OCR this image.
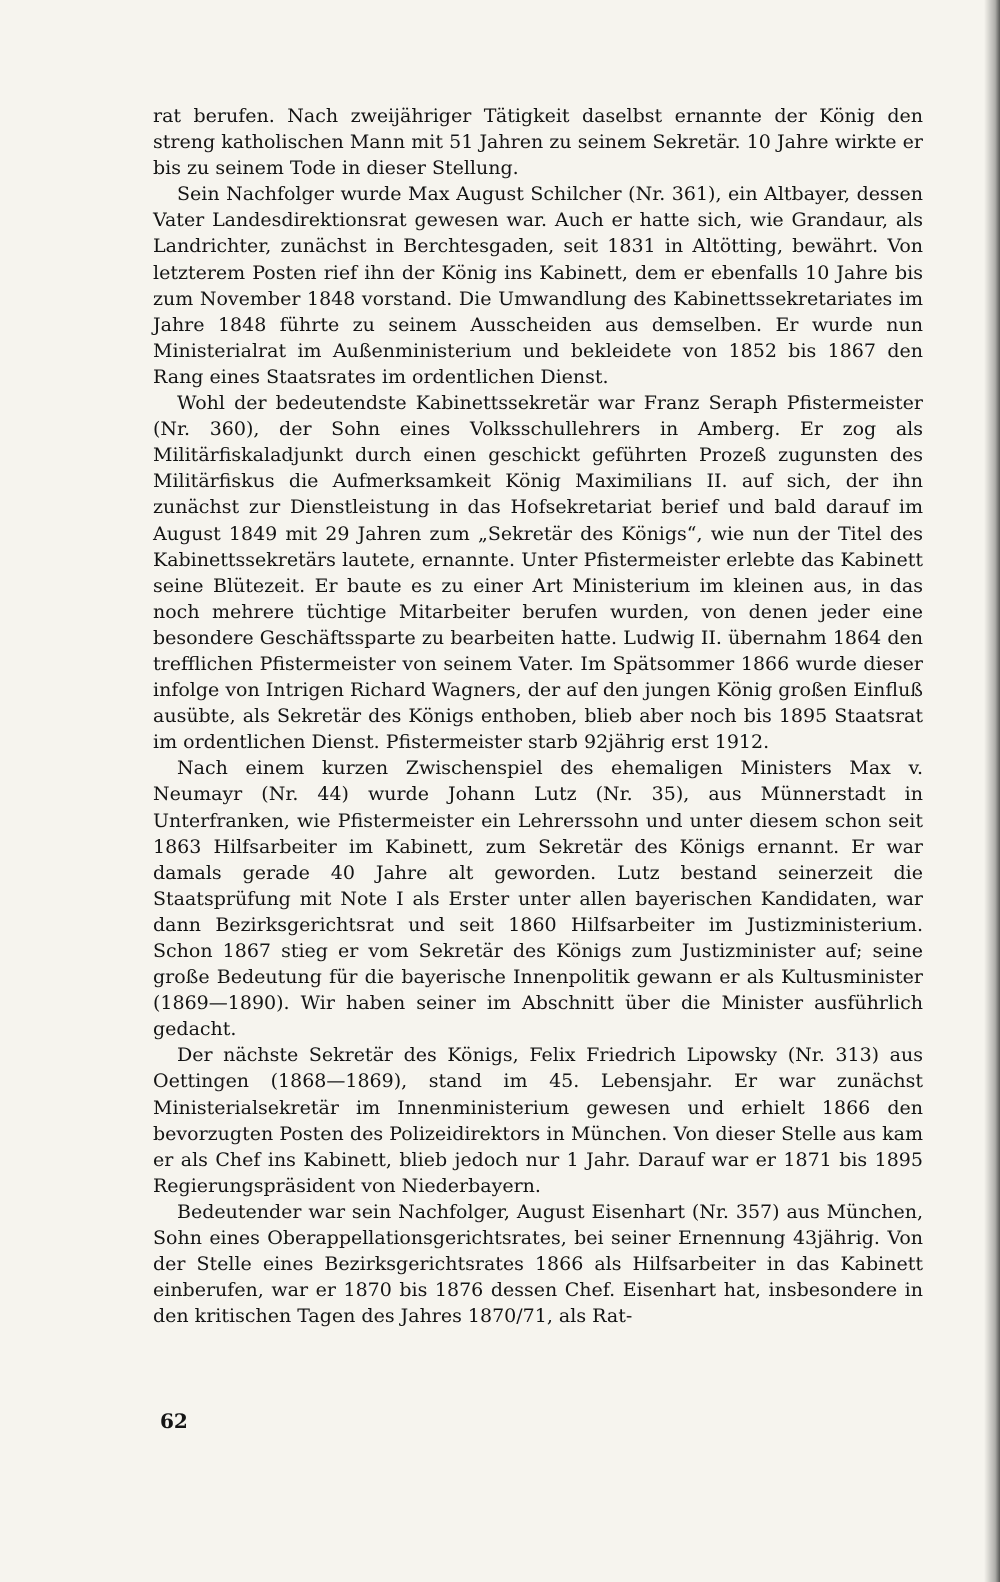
rat berufen. Nach zweijähriger Tätigkeit daselbst ernannte der König den streng katholischen Mann mit 51 Jahren zu seinem Sekretär. 10 Jahre wirkte er bis zu seinem Tode in dieser Stellung.

Sein Nachfolger wurde Max August Schilcher (Nr. 361), ein Altbayer, dessen Vater Landesdirektionsrat gewesen war. Auch er hatte sich, wie Grandaur, als Landrichter, zunächst in Berchtesgaden, seit 1831 in Altötting, bewährt. Von letzterem Posten rief ihn der König ins Kabinett, dem er ebenfalls 10 Jahre bis zum November 1848 vorstand. Die Umwandlung des Kabinettssekretariates im Jahre 1848 führte zu seinem Ausscheiden aus demselben. Er wurde nun Ministerialrat im Außenministerium und bekleidete von 1852 bis 1867 den Rang eines Staatsrates im ordentlichen Dienst.

Wohl der bedeutendste Kabinettssekretär war Franz Seraph Pfistermeister (Nr. 360), der Sohn eines Volksschullehrers in Amberg. Er zog als Militärfiskaladjunkt durch einen geschickt geführten Prozeß zugunsten des Militärfiskus die Aufmerksamkeit König Maximilians II. auf sich, der ihn zunächst zur Dienstleistung in das Hofsekretariat berief und bald darauf im August 1849 mit 29 Jahren zum „Sekretär des Königs“, wie nun der Titel des Kabinettssekretärs lautete, ernannte. Unter Pfistermeister erlebte das Kabinett seine Blütezeit. Er baute es zu einer Art Ministerium im kleinen aus, in das noch mehrere tüchtige Mitarbeiter berufen wurden, von denen jeder eine besondere Geschäftssparte zu bearbeiten hatte. Ludwig II. übernahm 1864 den trefflichen Pfistermeister von seinem Vater. Im Spätsommer 1866 wurde dieser infolge von Intrigen Richard Wagners, der auf den jungen König großen Einfluß ausübte, als Sekretär des Königs enthoben, blieb aber noch bis 1895 Staatsrat im ordentlichen Dienst. Pfistermeister starb 92jährig erst 1912.

Nach einem kurzen Zwischenspiel des ehemaligen Ministers Max v. Neumayr (Nr. 44) wurde Johann Lutz (Nr. 35), aus Münnerstadt in Unterfranken, wie Pfistermeister ein Lehrerssohn und unter diesem schon seit 1863 Hilfsarbeiter im Kabinett, zum Sekretär des Königs ernannt. Er war damals gerade 40 Jahre alt geworden. Lutz bestand seinerzeit die Staatsprüfung mit Note I als Erster unter allen bayerischen Kandidaten, war dann Bezirksgerichtsrat und seit 1860 Hilfsarbeiter im Justizministerium. Schon 1867 stieg er vom Sekretär des Königs zum Justizminister auf; seine große Bedeutung für die bayerische Innenpolitik gewann er als Kultusminister (1869—1890). Wir haben seiner im Abschnitt über die Minister ausführlich gedacht.

Der nächste Sekretär des Königs, Felix Friedrich Lipowsky (Nr. 313) aus Oettingen (1868—1869), stand im 45. Lebensjahr. Er war zunächst Ministerialsekretär im Innenministerium gewesen und erhielt 1866 den bevorzugten Posten des Polizeidirektors in München. Von dieser Stelle aus kam er als Chef ins Kabinett, blieb jedoch nur 1 Jahr. Darauf war er 1871 bis 1895 Regierungspräsident von Niederbayern.

Bedeutender war sein Nachfolger, August Eisenhart (Nr. 357) aus München, Sohn eines Oberappellationsgerichtsrates, bei seiner Ernennung 43jährig. Von der Stelle eines Bezirksgerichtsrates 1866 als Hilfsarbeiter in das Kabinett einberufen, war er 1870 bis 1876 dessen Chef. Eisenhart hat, insbesondere in den kritischen Tagen des Jahres 1870/71, als Rat-

62
